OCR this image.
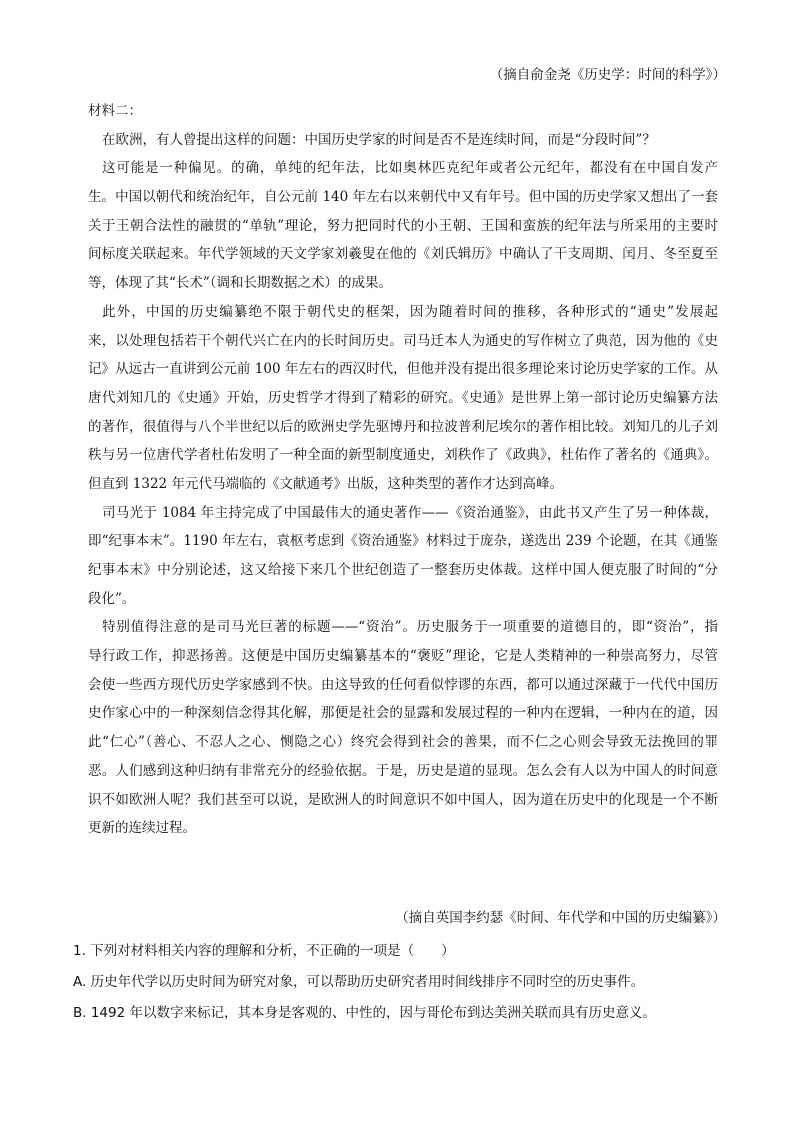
（摘自俞金尧《历史学：时间的科学》）
材料二：
在欧洲，有人曾提出这样的问题：中国历史学家的时间是否不是连续时间，而是“分段时间”？
这可能是一种偏见。的确，单纯的纪年法，比如奥林匹克纪年或者公元纪年，都没有在中国自发产
生。中国以朝代和统治纪年，自公元前 140 年左右以来朝代中又有年号。但中国的历史学家又想出了一套
关于王朝合法性的融贯的“单轨”理论，努力把同时代的小王朝、王国和蛮族的纪年法与所采用的主要时
间标度关联起来。年代学领域的天文学家刘羲叟在他的《刘氏辑历》中确认了干支周期、闰月、冬至夏至
等，体现了其“长术”（调和长期数据之术）的成果。
此外，中国的历史编纂绝不限于朝代史的框架，因为随着时间的推移，各种形式的“通史”发展起
来，以处理包括若干个朝代兴亡在内的长时间历史。司马迁本人为通史的写作树立了典范，因为他的《史
记》从远古一直讲到公元前 100 年左右的西汉时代，但他并没有提出很多理论来讨论历史学家的工作。从
唐代刘知几的《史通》开始，历史哲学才得到了精彩的研究。《史通》是世界上第一部讨论历史编纂方法
的著作，很值得与八个半世纪以后的欧洲史学先驱博丹和拉波普利尼埃尔的著作相比较。刘知几的儿子刘
秩与另一位唐代学者杜佑发明了一种全面的新型制度通史，刘秩作了《政典》，杜佑作了著名的《通典》。
但直到 1322 年元代马端临的《文献通考》出版，这种类型的著作才达到高峰。
司马光于 1084 年主持完成了中国最伟大的通史著作——《资治通鉴》，由此书又产生了另一种体裁，
即“纪事本末”。1190 年左右，袁枢考虑到《资治通鉴》材料过于庞杂，遂选出 239 个论题，在其《通鉴
纪事本末》中分别论述，这又给接下来几个世纪创造了一整套历史体裁。这样中国人便克服了时间的“分
段化”。
特别值得注意的是司马光巨著的标题——“资治”。历史服务于一项重要的道德目的，即“资治”，指
导行政工作，抑恶扬善。这便是中国历史编纂基本的“褒贬”理论，它是人类精神的一种崇高努力，尽管
会使一些西方现代历史学家感到不快。由这导致的任何看似悖谬的东西，都可以通过深藏于一代代中国历
史作家心中的一种深刻信念得其化解，那便是社会的显露和发展过程的一种内在逻辑，一种内在的道，因
此“仁心”（善心、不忍人之心、恻隐之心）终究会得到社会的善果，而不仁之心则会导致无法挽回的罪
恶。人们感到这种归纳有非常充分的经验依据。于是，历史是道的显现。怎么会有人以为中国人的时间意
识不如欧洲人呢？我们甚至可以说，是欧洲人的时间意识不如中国人，因为道在历史中的化现是一个不断
更新的连续过程。
（摘自英国李约瑟《时间、年代学和中国的历史编纂》）
1. 下列对材料相关内容的理解和分析，不正确的一项是（　　）
A. 历史年代学以历史时间为研究对象，可以帮助历史研究者用时间线排序不同时空的历史事件。
B. 1492 年以数字来标记，其本身是客观的、中性的，因与哥伦布到达美洲关联而具有历史意义。
